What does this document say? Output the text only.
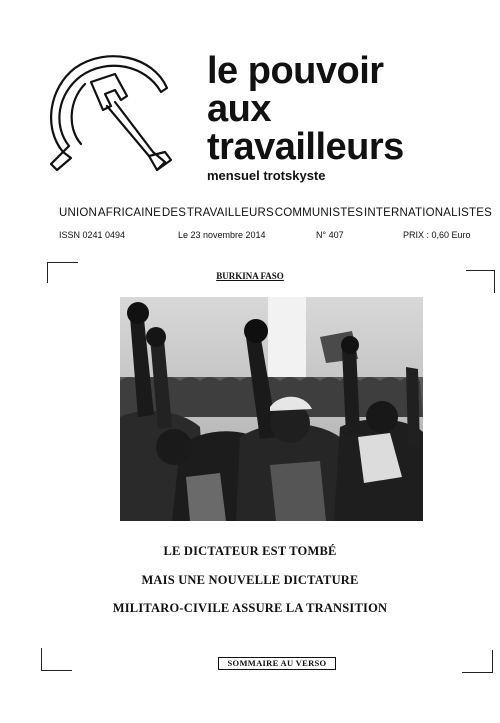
le pouvoir
aux
travailleurs
mensuel trotskyste
UNION AFRICAINE DES TRAVAILLEURS COMMUNISTES INTERNATIONALISTES
ISSN 0241 0494	Le 23 novembre 2014	N° 407	PRIX : 0,60 Euro
BURKINA FASO
LE DICTATEUR EST TOMBÉ
MAIS UNE NOUVELLE DICTATURE
MILITARO-CIVILE ASSURE LA TRANSITION
SOMMAIRE AU VERSO
